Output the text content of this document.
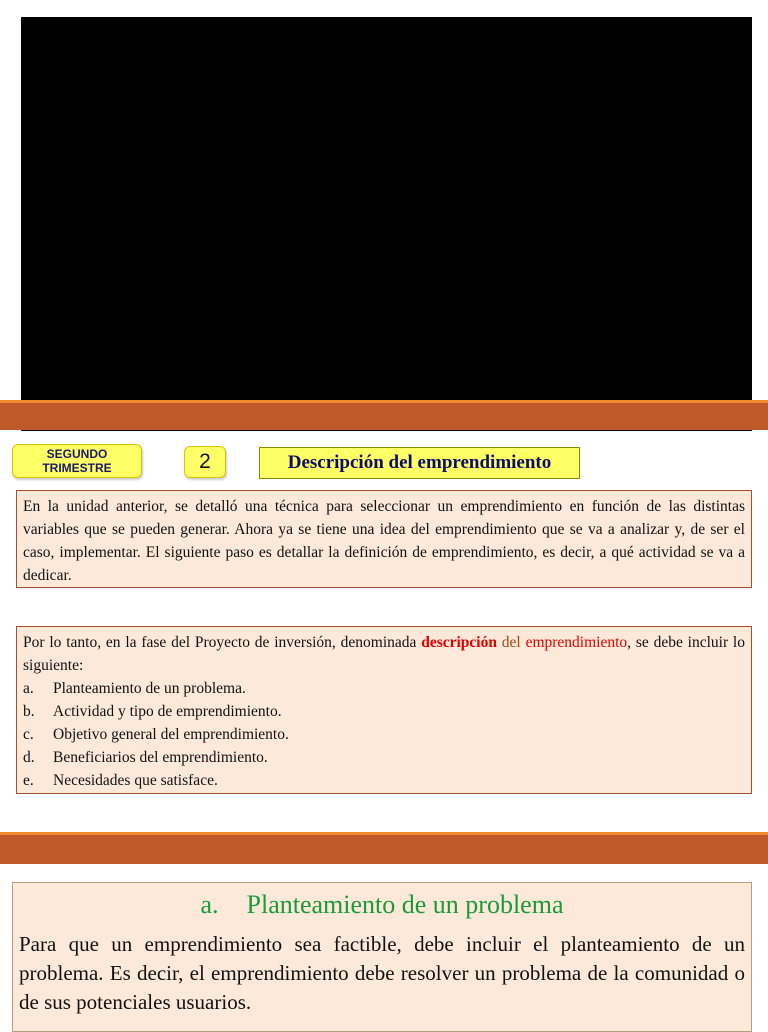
SEGUNDO TRIMESTRE	2	Descripción del emprendimiento
En la unidad anterior, se detalló una técnica para seleccionar un emprendimiento en función de las distintas variables que se pueden generar. Ahora ya se tiene una idea del emprendimiento que se va a analizar y, de ser el caso, implementar. El siguiente paso es detallar la definición de emprendimiento, es decir, a qué actividad se va a dedicar.

Por lo tanto, en la fase del Proyecto de inversión, denominada descripción del emprendimiento, se debe incluir lo siguiente:

a.	Planteamiento de un problema.
b.	Actividad y tipo de emprendimiento.
c.	Objetivo general del emprendimiento.
d.	Beneficiarios del emprendimiento.
e.	Necesidades que satisface.
a. Planteamiento de un problema
Para que un emprendimiento sea factible, debe incluir el planteamiento de un problema. Es decir, el emprendimiento debe resolver un problema de la comunidad o de sus potenciales usuarios.
